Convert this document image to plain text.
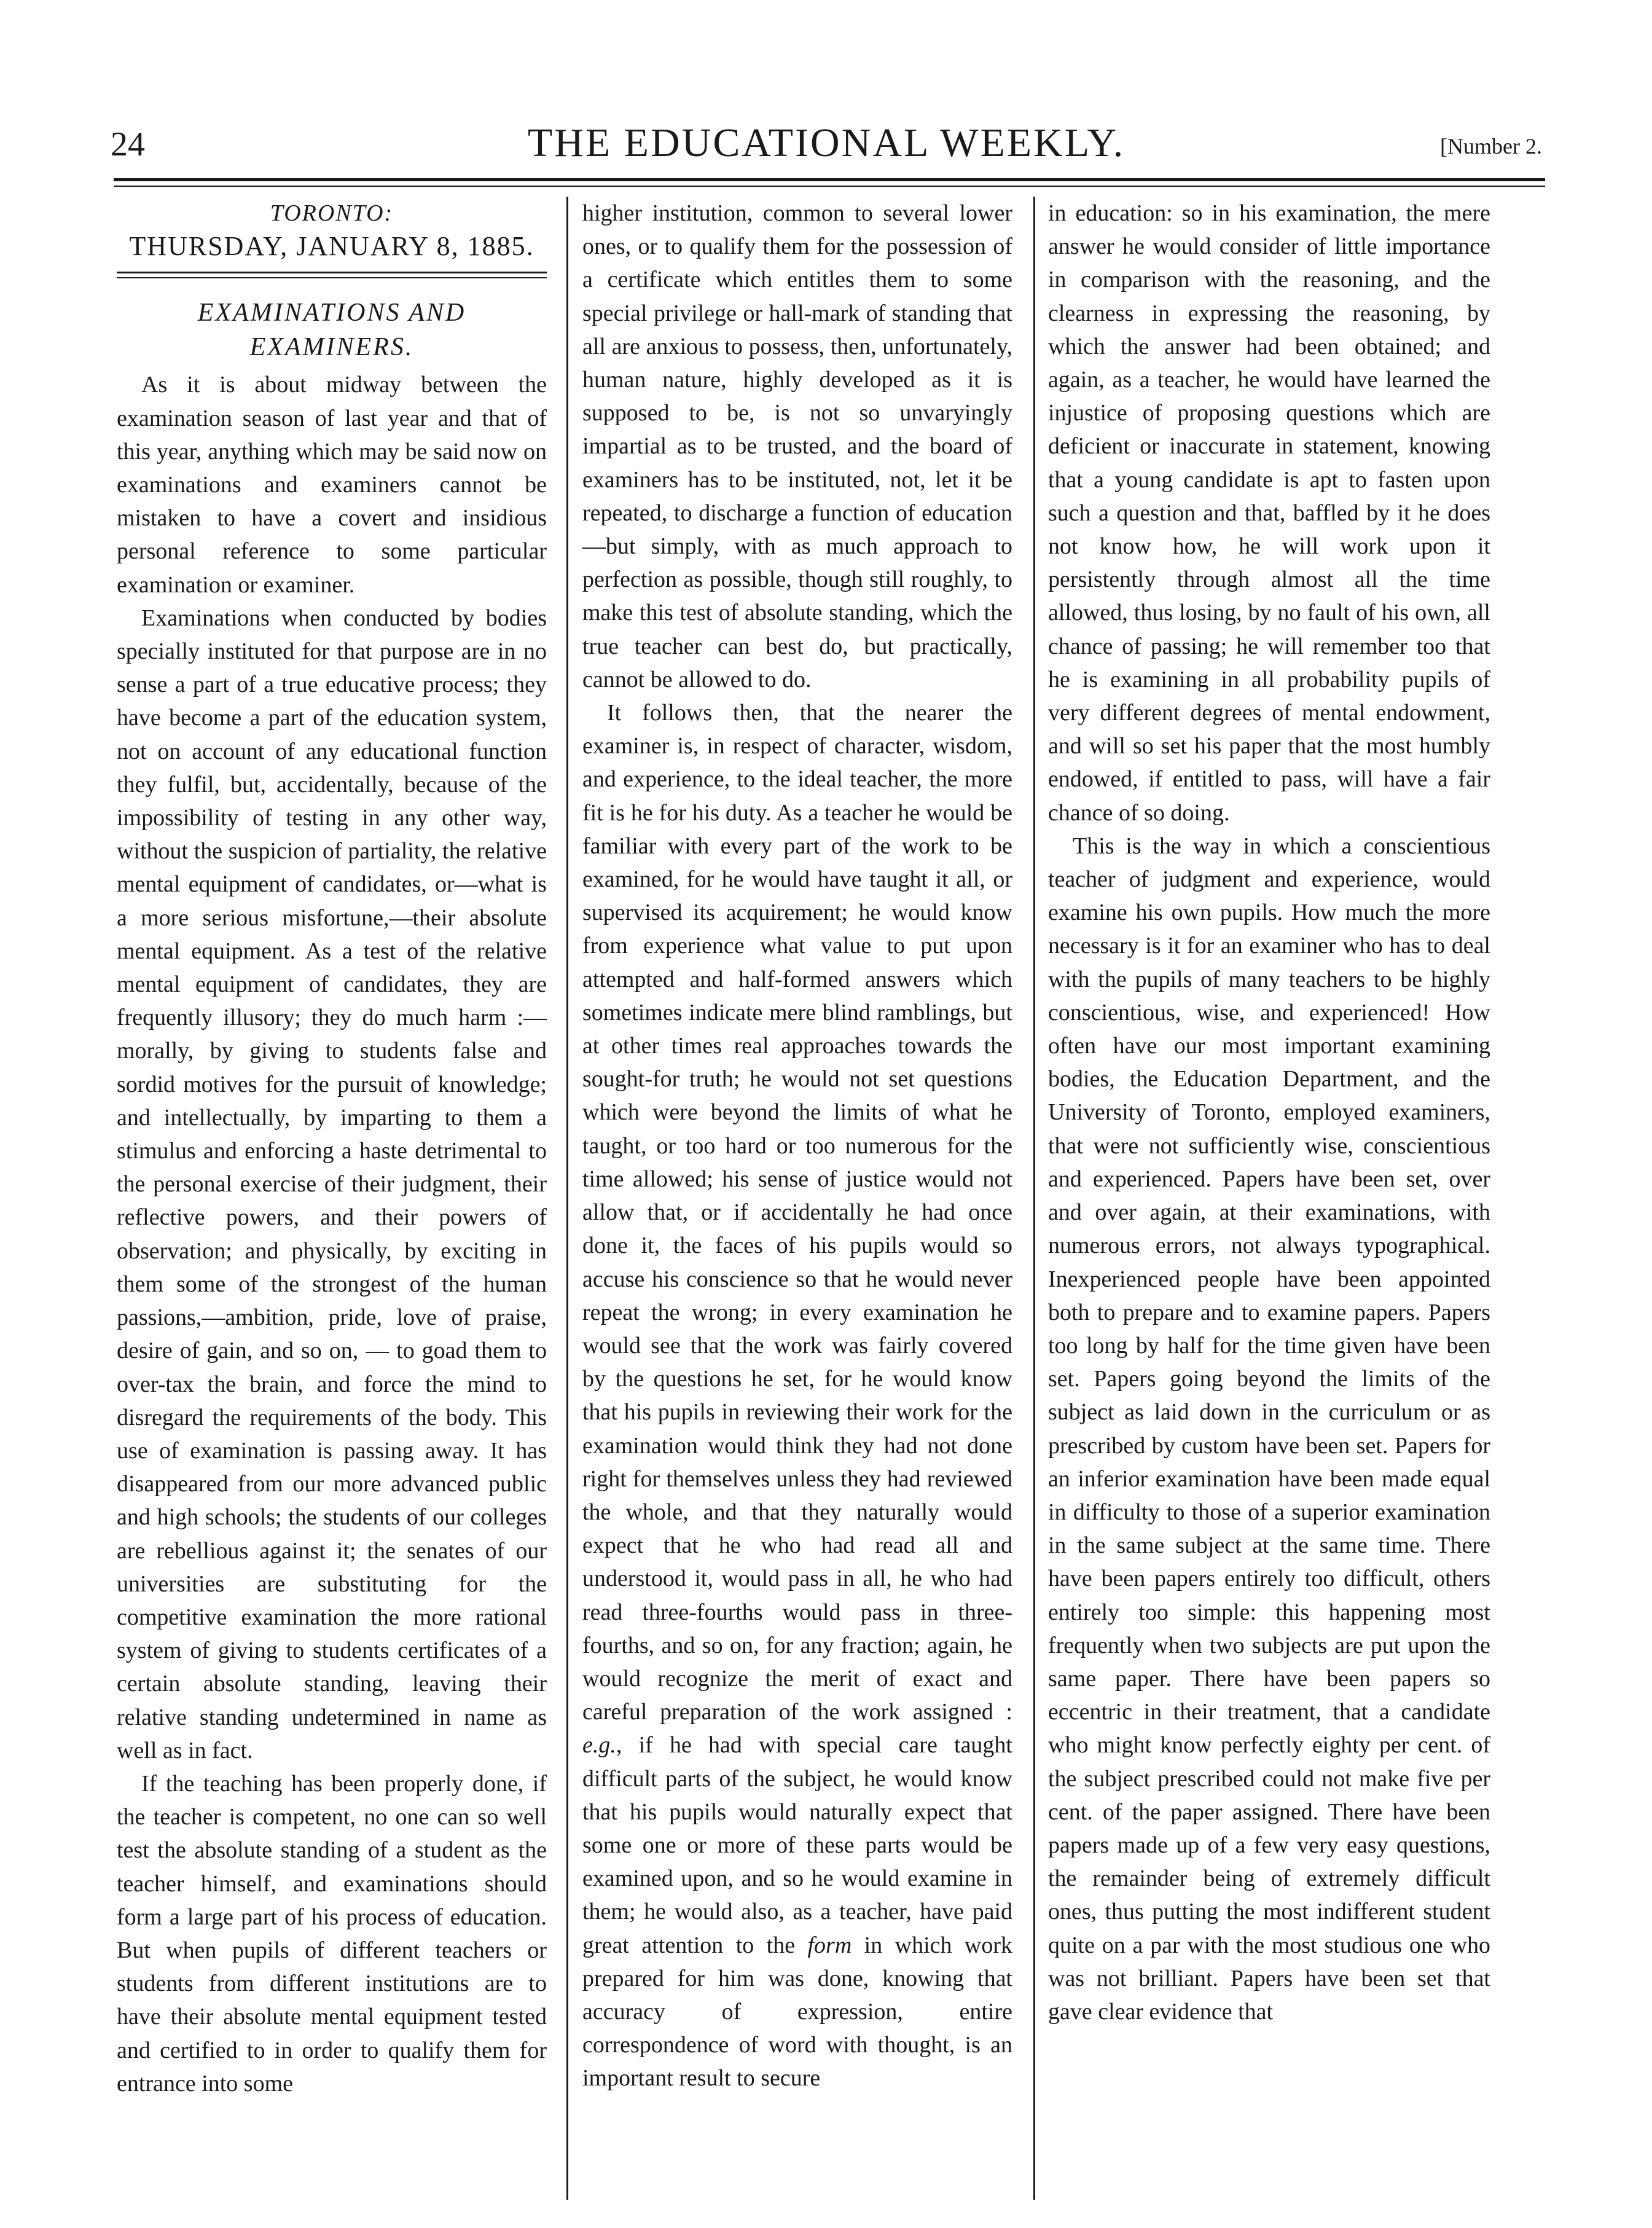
24	THE EDUCATIONAL WEEKLY.	[Number 2.

TORONTO:

THURSDAY, JANUARY 8, 1885.

EXAMINATIONS AND EXAMINERS.

As it is about midway between the examination season of last year and that of this year, anything which may be said now on examinations and examiners cannot be mistaken to have a covert and insidious personal reference to some particular examination or examiner.

Examinations when conducted by bodies specially instituted for that purpose are in no sense a part of a true educative process; they have become a part of the education system, not on account of any educational function they fulfil, but, accidentally, because of the impossibility of testing in any other way, without the suspicion of partiality, the relative mental equipment of candidates, or—what is a more serious misfortune,—their absolute mental equipment. As a test of the relative mental equipment of candidates, they are frequently illusory; they do much harm :—morally, by giving to students false and sordid motives for the pursuit of knowledge; and intellectually, by imparting to them a stimulus and enforcing a haste detrimental to the personal exercise of their judgment, their reflective powers, and their powers of observation; and physically, by exciting in them some of the strongest of the human passions,—ambition, pride, love of praise, desire of gain, and so on, — to goad them to over-tax the brain, and force the mind to disregard the requirements of the body. This use of examination is passing away. It has disappeared from our more advanced public and high schools; the students of our colleges are rebellious against it; the senates of our universities are substituting for the competitive examination the more rational system of giving to students certificates of a certain absolute standing, leaving their relative standing undetermined in name as well as in fact.

If the teaching has been properly done, if the teacher is competent, no one can so well test the absolute standing of a student as the teacher himself, and examinations should form a large part of his process of education. But when pupils of different teachers or students from different institutions are to have their absolute mental equipment tested and certified to in order to qualify them for entrance into some

higher institution, common to several lower ones, or to qualify them for the possession of a certificate which entitles them to some special privilege or hall-mark of standing that all are anxious to possess, then, unfortunately, human nature, highly developed as it is supposed to be, is not so unvaryingly impartial as to be trusted, and the board of examiners has to be instituted, not, let it be repeated, to discharge a function of education—but simply, with as much approach to perfection as possible, though still roughly, to make this test of absolute standing, which the true teacher can best do, but practically, cannot be allowed to do.

It follows then, that the nearer the examiner is, in respect of character, wisdom, and experience, to the ideal teacher, the more fit is he for his duty. As a teacher he would be familiar with every part of the work to be examined, for he would have taught it all, or supervised its acquirement; he would know from experience what value to put upon attempted and half-formed answers which sometimes indicate mere blind ramblings, but at other times real approaches towards the sought-for truth; he would not set questions which were beyond the limits of what he taught, or too hard or too numerous for the time allowed; his sense of justice would not allow that, or if accidentally he had once done it, the faces of his pupils would so accuse his conscience so that he would never repeat the wrong; in every examination he would see that the work was fairly covered by the questions he set, for he would know that his pupils in reviewing their work for the examination would think they had not done right for themselves unless they had reviewed the whole, and that they naturally would expect that he who had read all and understood it, would pass in all, he who had read three-fourths would pass in three-fourths, and so on, for any fraction; again, he would recognize the merit of exact and careful preparation of the work assigned : e.g., if he had with special care taught difficult parts of the subject, he would know that his pupils would naturally expect that some one or more of these parts would be examined upon, and so he would examine in them; he would also, as a teacher, have paid great attention to the form in which work prepared for him was done, knowing that accuracy of expression, entire correspondence of word with thought, is an important result to secure

in education: so in his examination, the mere answer he would consider of little importance in comparison with the reasoning, and the clearness in expressing the reasoning, by which the answer had been obtained; and again, as a teacher, he would have learned the injustice of proposing questions which are deficient or inaccurate in statement, knowing that a young candidate is apt to fasten upon such a question and that, baffled by it he does not know how, he will work upon it persistently through almost all the time allowed, thus losing, by no fault of his own, all chance of passing; he will remember too that he is examining in all probability pupils of very different degrees of mental endowment, and will so set his paper that the most humbly endowed, if entitled to pass, will have a fair chance of so doing.

This is the way in which a conscientious teacher of judgment and experience, would examine his own pupils. How much the more necessary is it for an examiner who has to deal with the pupils of many teachers to be highly conscientious, wise, and experienced! How often have our most important examining bodies, the Education Department, and the University of Toronto, employed examiners, that were not sufficiently wise, conscientious and experienced. Papers have been set, over and over again, at their examinations, with numerous errors, not always typographical. Inexperienced people have been appointed both to prepare and to examine papers. Papers too long by half for the time given have been set. Papers going beyond the limits of the subject as laid down in the curriculum or as prescribed by custom have been set. Papers for an inferior examination have been made equal in difficulty to those of a superior examination in the same subject at the same time. There have been papers entirely too difficult, others entirely too simple: this happening most frequently when two subjects are put upon the same paper. There have been papers so eccentric in their treatment, that a candidate who might know perfectly eighty per cent. of the subject prescribed could not make five per cent. of the paper assigned. There have been papers made up of a few very easy questions, the remainder being of extremely difficult ones, thus putting the most indifferent student quite on a par with the most studious one who was not brilliant. Papers have been set that gave clear evidence that
